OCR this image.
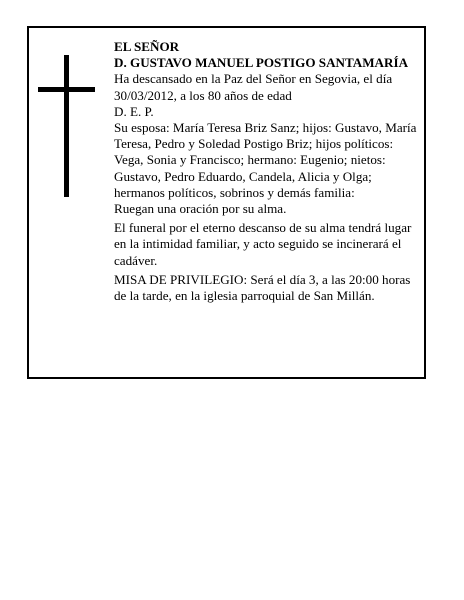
EL SEÑOR

D. GUSTAVO MANUEL POSTIGO SANTAMARÍA

Ha descansado en la Paz del Señor en Segovia, el día 30/03/2012, a los 80 años de edad

D. E. P.

Su esposa: María Teresa Briz Sanz; hijos: Gustavo, María Teresa, Pedro y Soledad Postigo Briz; hijos políticos: Vega, Sonia y Francisco; hermano: Eugenio; nietos: Gustavo, Pedro Eduardo, Candela, Alicia y Olga; hermanos políticos, sobrinos y demás familia:

Ruegan una oración por su alma.

El funeral por el eterno descanso de su alma tendrá lugar en la intimidad familiar, y acto seguido se incinerará el cadáver.

MISA DE PRIVILEGIO: Será el día 3, a las 20:00 horas de la tarde, en la iglesia parroquial de San Millán.
